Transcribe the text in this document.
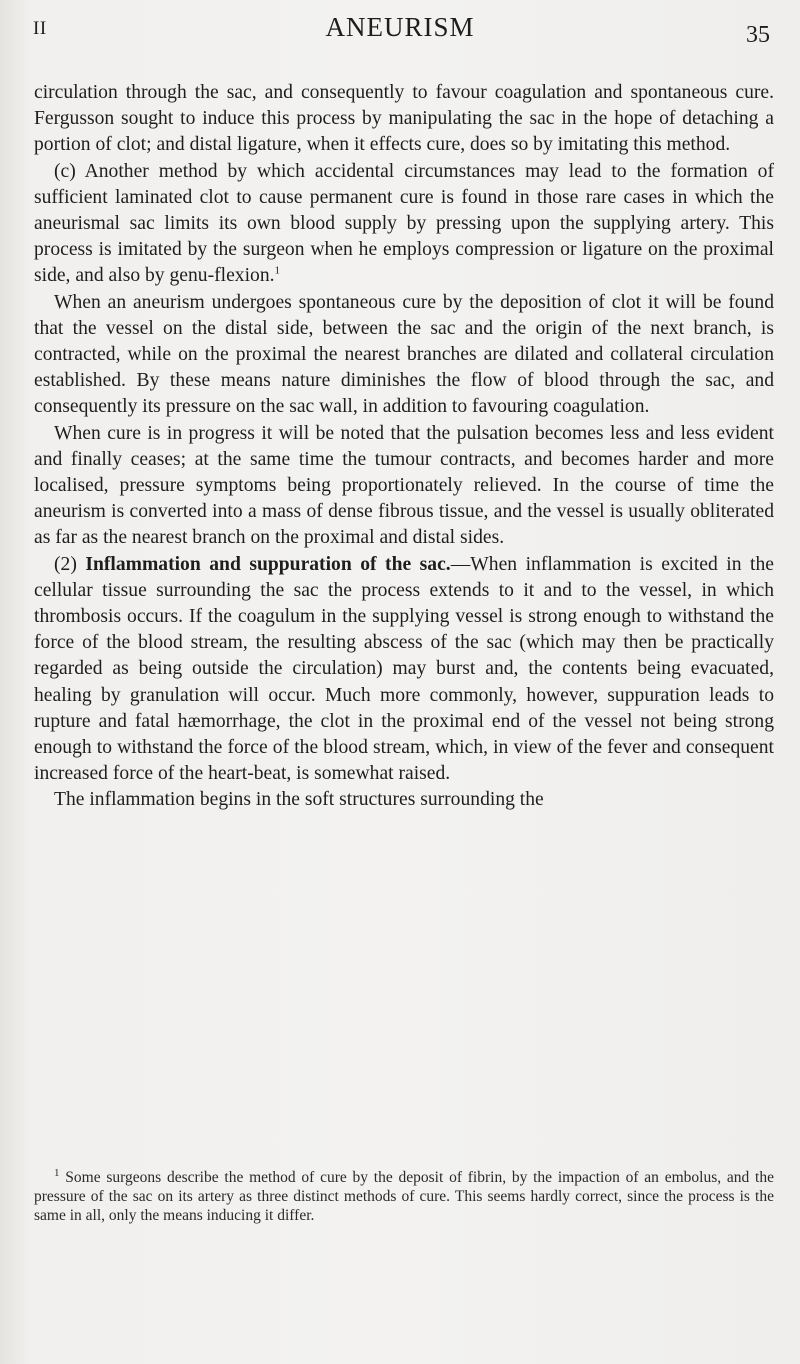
II	ANEURISM	35

circulation through the sac, and consequently to favour coagulation and spontaneous cure. Fergusson sought to induce this process by manipulating the sac in the hope of detaching a portion of clot; and distal ligature, when it effects cure, does so by imitating this method.

(c) Another method by which accidental circumstances may lead to the formation of sufficient laminated clot to cause permanent cure is found in those rare cases in which the aneurismal sac limits its own blood supply by pressing upon the supplying artery. This process is imitated by the surgeon when he employs compression or ligature on the proximal side, and also by genu-flexion.$^1$

When an aneurism undergoes spontaneous cure by the deposition of clot it will be found that the vessel on the distal side, between the sac and the origin of the next branch, is contracted, while on the proximal the nearest branches are dilated and collateral circulation established. By these means nature diminishes the flow of blood through the sac, and consequently its pressure on the sac wall, in addition to favouring coagulation.

When cure is in progress it will be noted that the pulsation becomes less and less evident and finally ceases; at the same time the tumour contracts, and becomes harder and more localised, pressure symptoms being proportionately relieved. In the course of time the aneurism is converted into a mass of dense fibrous tissue, and the vessel is usually obliterated as far as the nearest branch on the proximal and distal sides.

(2) Inflammation and suppuration of the sac.—When inflammation is excited in the cellular tissue surrounding the sac the process extends to it and to the vessel, in which thrombosis occurs. If the coagulum in the supplying vessel is strong enough to withstand the force of the blood stream, the resulting abscess of the sac (which may then be practically regarded as being outside the circulation) may burst and, the contents being evacuated, healing by granulation will occur. Much more commonly, however, suppuration leads to rupture and fatal hæmorrhage, the clot in the proximal end of the vessel not being strong enough to withstand the force of the blood stream, which, in view of the fever and consequent increased force of the heart-beat, is somewhat raised.

The inflammation begins in the soft structures surrounding the

$^1$ Some surgeons describe the method of cure by the deposit of fibrin, by the impaction of an embolus, and the pressure of the sac on its artery as three distinct methods of cure. This seems hardly correct, since the process is the same in all, only the means inducing it differ.
